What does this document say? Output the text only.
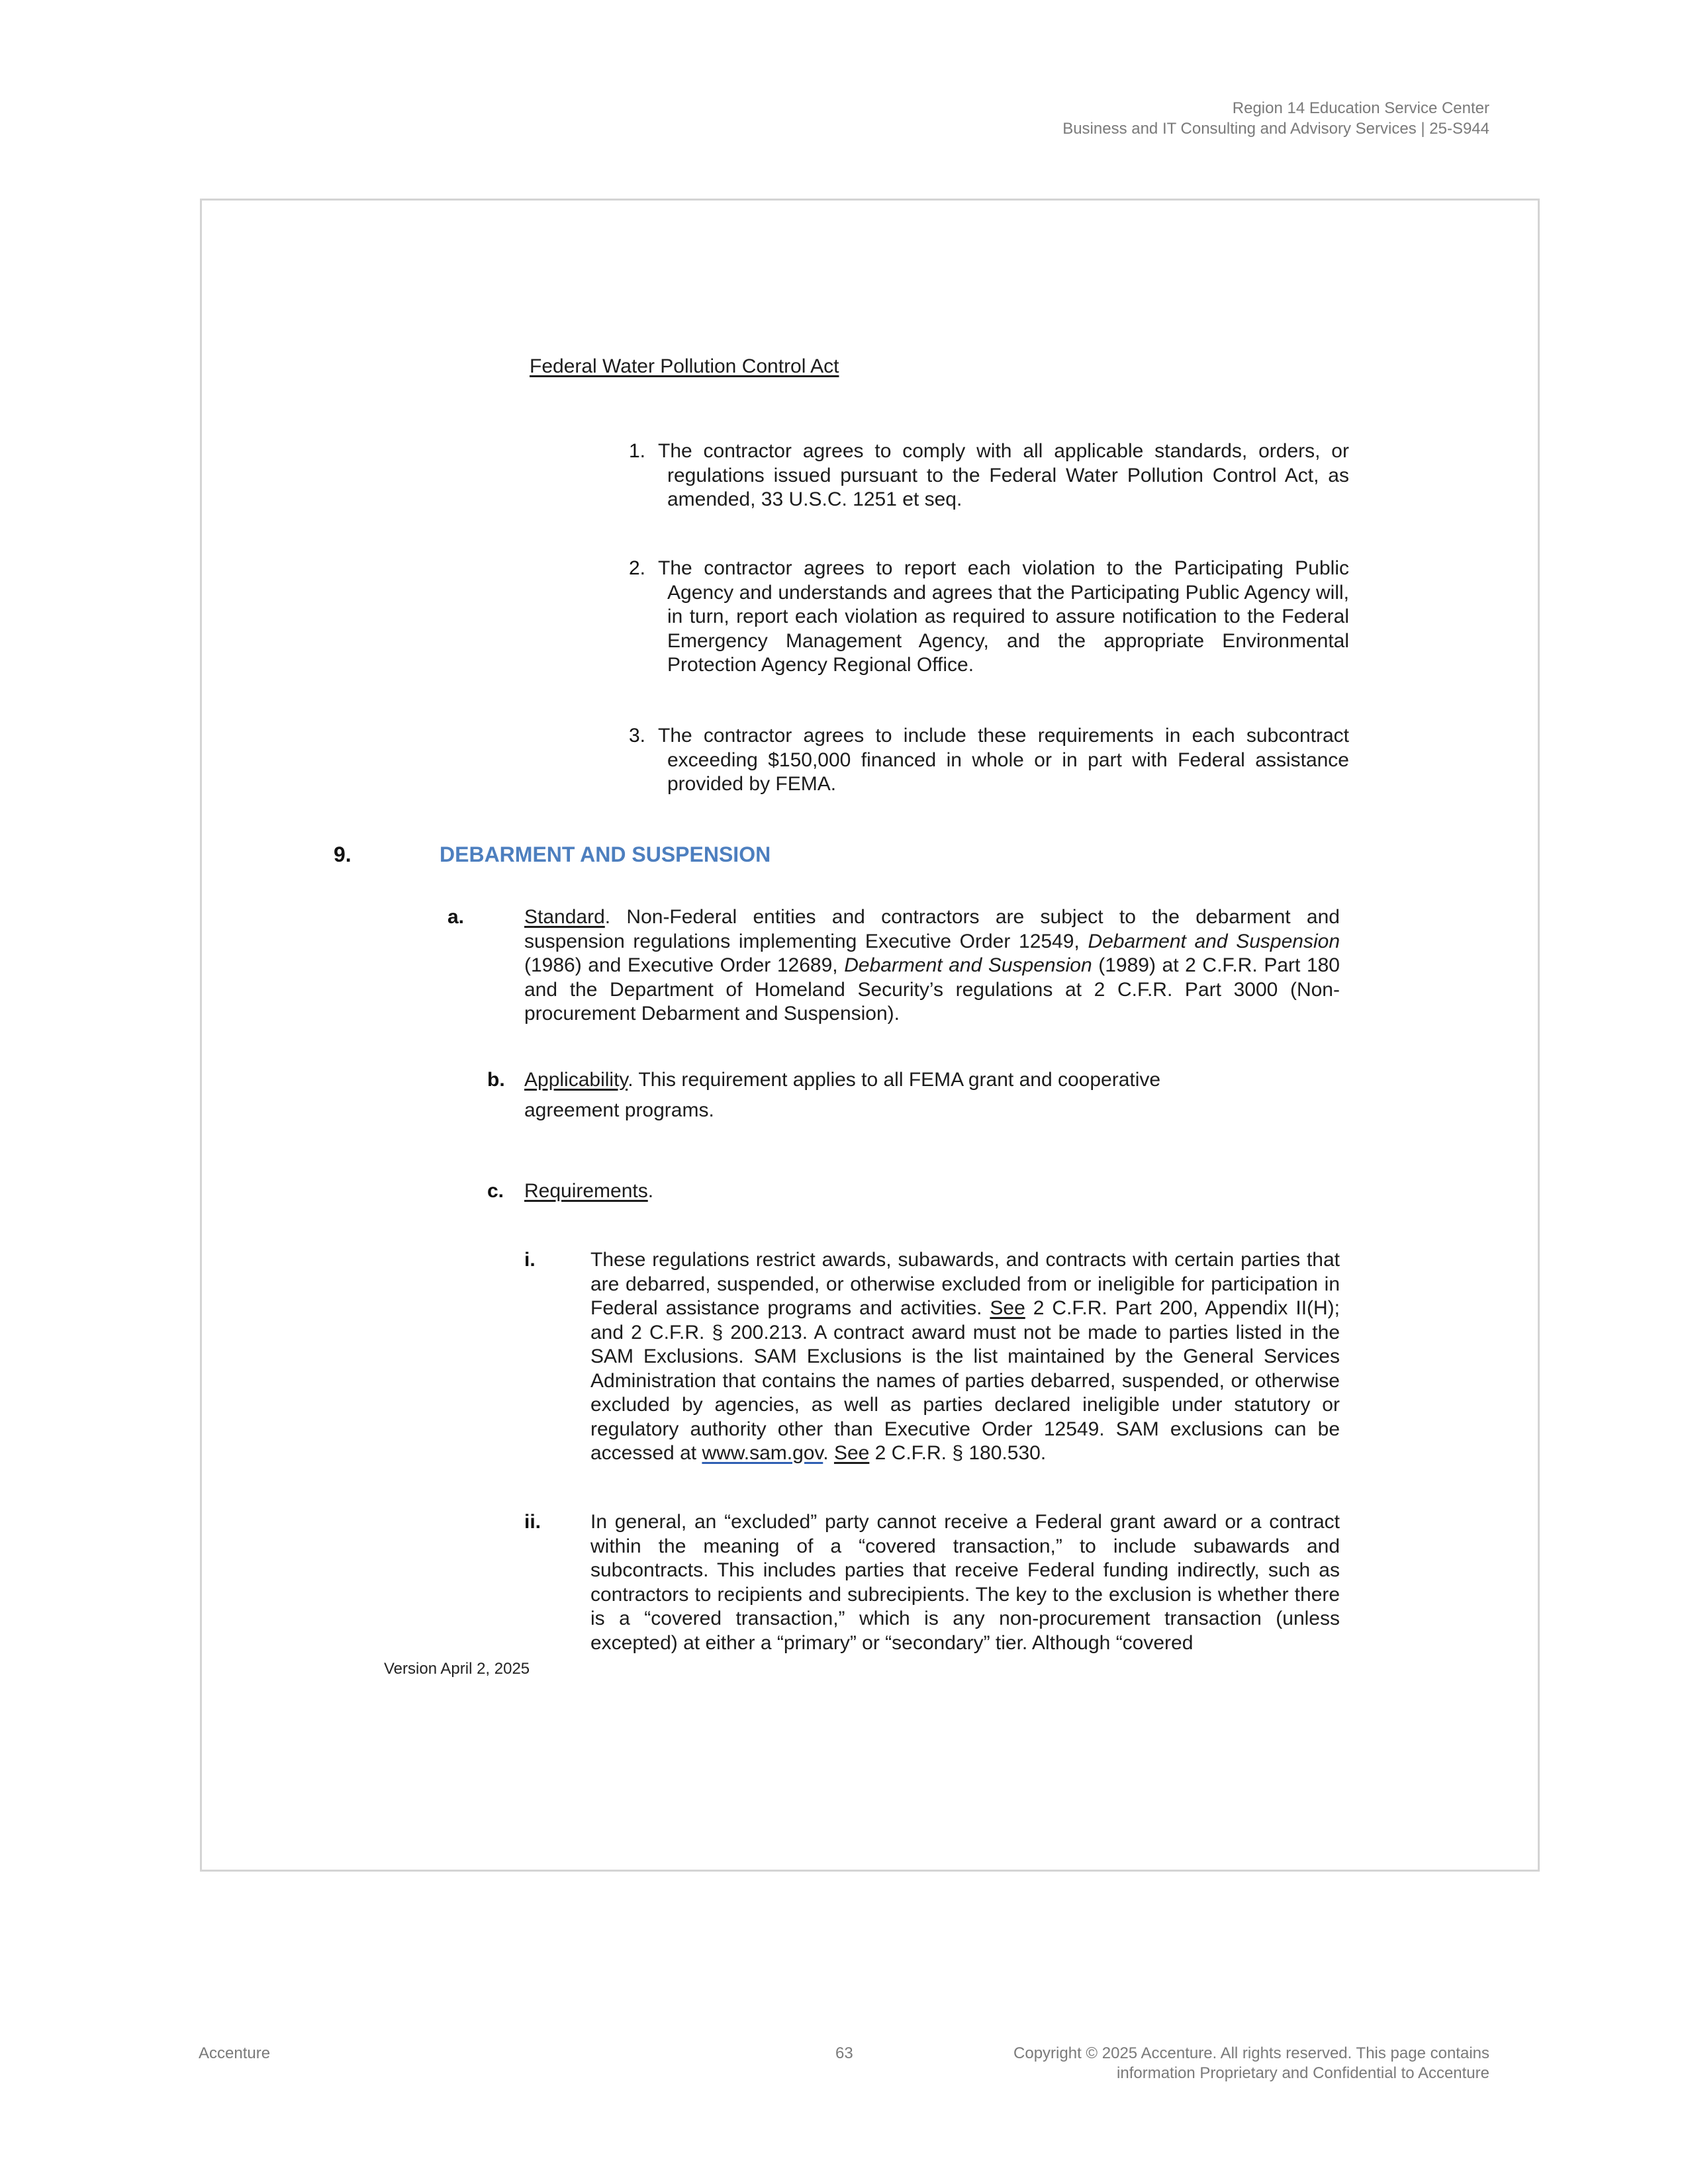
Region 14 Education Service Center
Business and IT Consulting and Advisory Services | 25-S944
Federal Water Pollution Control Act
1. The contractor agrees to comply with all applicable standards, orders, or regulations issued pursuant to the Federal Water Pollution Control Act, as amended, 33 U.S.C. 1251 et seq.
2. The contractor agrees to report each violation to the Participating Public Agency and understands and agrees that the Participating Public Agency will, in turn, report each violation as required to assure notification to the Federal Emergency Management Agency, and the appropriate Environmental Protection Agency Regional Office.
3. The contractor agrees to include these requirements in each subcontract exceeding $150,000 financed in whole or in part with Federal assistance provided by FEMA.
9.	DEBARMENT AND SUSPENSION
a.	Standard. Non-Federal entities and contractors are subject to the debarment and suspension regulations implementing Executive Order 12549, Debarment and Suspension (1986) and Executive Order 12689, Debarment and Suspension (1989) at 2 C.F.R. Part 180 and the Department of Homeland Security’s regulations at 2 C.F.R. Part 3000 (Non-procurement Debarment and Suspension).
b. Applicability. This requirement applies to all FEMA grant and cooperative
agreement programs.
c. Requirements.
i.	These regulations restrict awards, subawards, and contracts with certain parties that are debarred, suspended, or otherwise excluded from or ineligible for participation in Federal assistance programs and activities. See 2 C.F.R. Part 200, Appendix II(H); and 2 C.F.R. § 200.213. A contract award must not be made to parties listed in the SAM Exclusions. SAM Exclusions is the list maintained by the General Services Administration that contains the names of parties debarred, suspended, or otherwise excluded by agencies, as well as parties declared ineligible under statutory or regulatory authority other than Executive Order 12549. SAM exclusions can be accessed at www.sam.gov. See 2 C.F.R. § 180.530.
ii. In general, an “excluded” party cannot receive a Federal grant award or a contract within the meaning of a “covered transaction,” to include subawards and subcontracts. This includes parties that receive Federal funding indirectly, such as contractors to recipients and subrecipients. The key to the exclusion is whether there is a “covered transaction,” which is any non-procurement transaction (unless excepted) at either a “primary” or “secondary” tier. Although “covered
Version April 2, 2025
Accenture	63	Copyright © 2025 Accenture. All rights reserved. This page contains
information Proprietary and Confidential to Accenture
